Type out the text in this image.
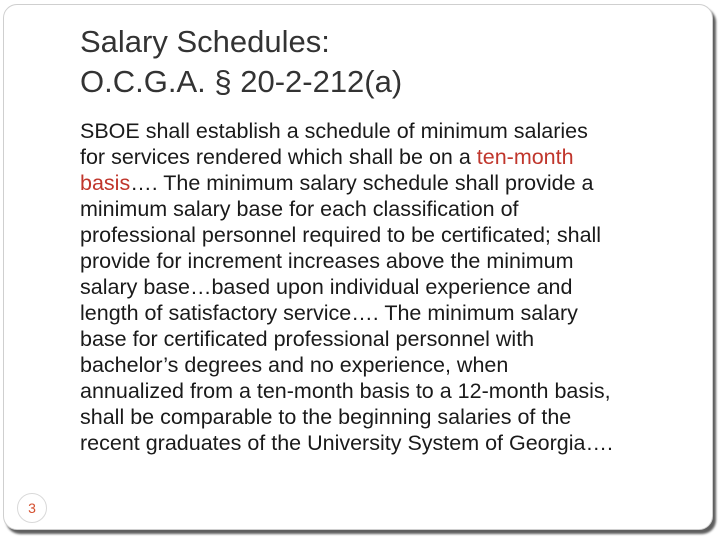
Salary Schedules:
O.C.G.A. § 20-2-212(a)
SBOE shall establish a schedule of minimum salaries
for services rendered which shall be on a ten-month
basis…. The minimum salary schedule shall provide a
minimum salary base for each classification of
professional personnel required to be certificated; shall
provide for increment increases above the minimum
salary base…based upon individual experience and
length of satisfactory service…. The minimum salary
base for certificated professional personnel with
bachelor’s degrees and no experience, when
annualized from a ten-month basis to a 12-month basis,
shall be comparable to the beginning salaries of the
recent graduates of the University System of Georgia….
3
